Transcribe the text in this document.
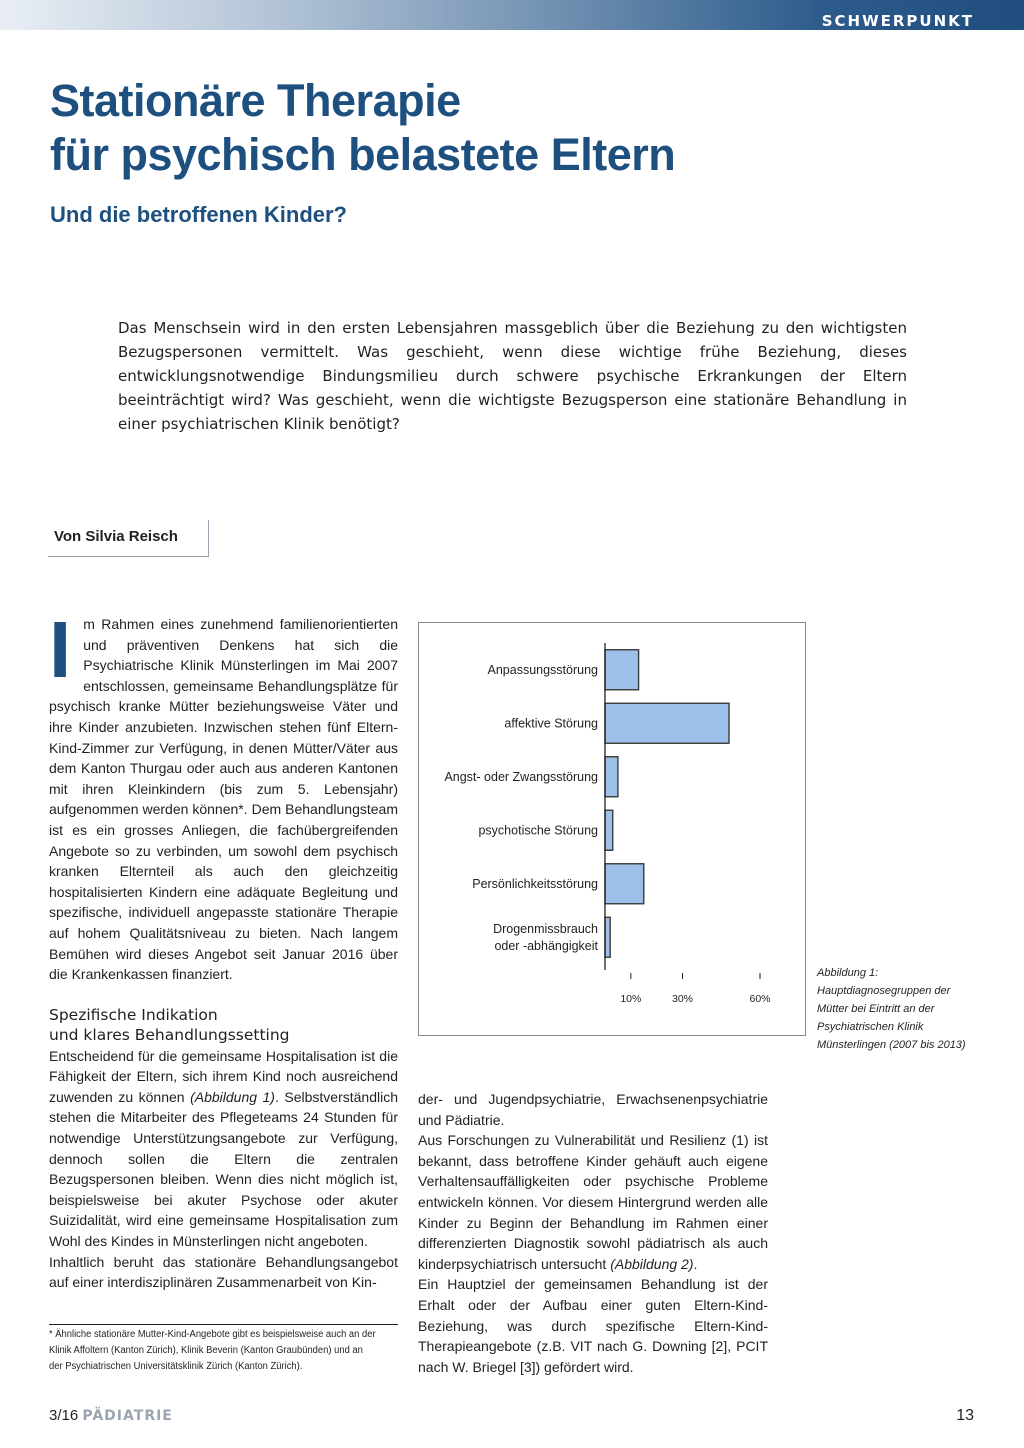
SCHWERPUNKT
Stationäre Therapie
für psychisch belastete Eltern
Und die betroffenen Kinder?

Das Menschsein wird in den ersten Lebensjahren massgeblich über die Beziehung zu den wichtigsten Bezugspersonen vermittelt. Was geschieht, wenn diese wichtige frühe Beziehung, dieses entwicklungsnotwendige Bindungsmilieu durch schwere psychische Erkrankungen der Eltern beeinträchtigt wird? Was geschieht, wenn die wichtigste Bezugsperson eine stationäre Behandlung in einer psychiatrischen Klinik benötigt?

Von Silvia Reisch

Im Rahmen eines zunehmend familienorientierten und präventiven Denkens hat sich die Psychiatrische Klinik Münsterlingen im Mai 2007 entschlossen, gemeinsame Behandlungsplätze für psychisch kranke Mütter beziehungsweise Väter und ihre Kinder anzubieten. Inzwischen stehen fünf Eltern-Kind-Zimmer zur Verfügung, in denen Mütter/Väter aus dem Kanton Thurgau oder auch aus anderen Kantonen mit ihren Kleinkindern (bis zum 5. Lebensjahr) aufgenommen werden können*. Dem Behandlungsteam ist es ein grosses Anliegen, die fachübergreifenden Angebote so zu verbinden, um sowohl dem psychisch kranken Elternteil als auch den gleichzeitig hospitalisierten Kindern eine adäquate Begleitung und spezifische, individuell angepasste stationäre Therapie auf hohem Qualitätsniveau zu bieten. Nach langem Bemühen wird dieses Angebot seit Januar 2016 über die Krankenkassen finanziert.

Spezifische Indikation
und klares Behandlungssetting

Entscheidend für die gemeinsame Hospitalisation ist die Fähigkeit der Eltern, sich ihrem Kind noch ausreichend zuwenden zu können (Abbildung 1). Selbstverständlich stehen die Mitarbeiter des Pflegeteams 24 Stunden für notwendige Unterstützungsangebote zur Verfügung, dennoch sollen die Eltern die zentralen Bezugspersonen bleiben. Wenn dies nicht möglich ist, beispielsweise bei akuter Psychose oder akuter Suizidalität, wird eine gemeinsame Hospitalisation zum Wohl des Kindes in Münsterlingen nicht angeboten.

Inhaltlich beruht das stationäre Behandlungsangebot auf einer interdisziplinären Zusammenarbeit von Kin-

Anpassungsstörung
affektive Störung
Angst- oder Zwangsstörung
psychotische Störung
Persönlichkeitsstörung
Drogenmissbrauch
oder -abhängigkeit
10%	30%	60%
Abbildung 1: Hauptdiagnosegruppen der Mütter bei Eintritt an der Psychiatrischen Klinik Münsterlingen (2007 bis 2013)

der- und Jugendpsychiatrie, Erwachsenenpsychiatrie und Pädiatrie.

Aus Forschungen zu Vulnerabilität und Resilienz (1) ist bekannt, dass betroffene Kinder gehäuft auch eigene Verhaltensauffälligkeiten oder psychische Probleme entwickeln können. Vor diesem Hintergrund werden alle Kinder zu Beginn der Behandlung im Rahmen einer differenzierten Diagnostik sowohl pädiatrisch als auch kinderpsychiatrisch untersucht (Abbildung 2).

Ein Hauptziel der gemeinsamen Behandlung ist der Erhalt oder der Aufbau einer guten Eltern-Kind-Beziehung, was durch spezifische Eltern-Kind-Therapieangebote (z.B. VIT nach G. Downing [2], PCIT nach W. Briegel [3]) gefördert wird.

* Ähnliche stationäre Mutter-Kind-Angebote gibt es beispielsweise auch an der Klinik Affoltern (Kanton Zürich), Klinik Beverin (Kanton Graubünden) und an der Psychiatrischen Universitätsklinik Zürich (Kanton Zürich).
3/16 PÄDIATRIE	13
